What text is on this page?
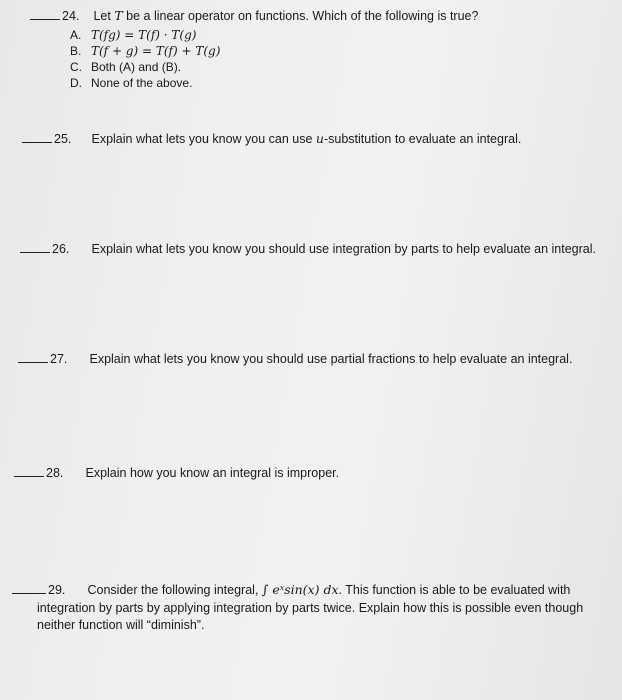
24. Let T be a linear operator on functions. Which of the following is true?
A. T(fg) = T(f) · T(g)
B. T(f + g) = T(f) + T(g)
C. Both (A) and (B).
D. None of the above.
25. Explain what lets you know you can use u-substitution to evaluate an integral.
26. Explain what lets you know you should use integration by parts to help evaluate an integral.
27. Explain what lets you know you should use partial fractions to help evaluate an integral.
28. Explain how you know an integral is improper.
29. Consider the following integral, ∫ eˣsin(x) dx. This function is able to be evaluated with
integration by parts by applying integration by parts twice. Explain how this is possible even though
neither function will “diminish”.
